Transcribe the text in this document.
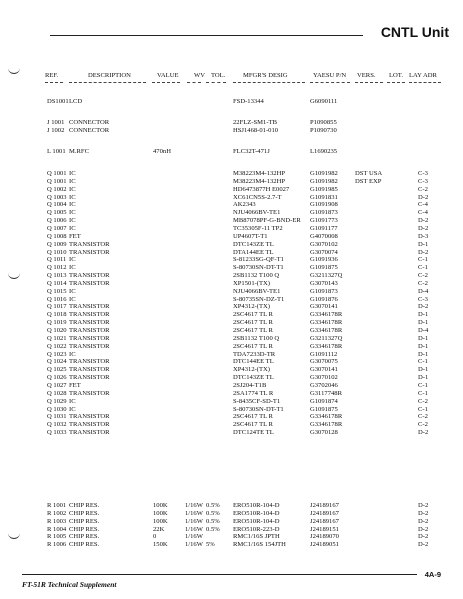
CNTL Unit
REF.	DESCRIPTION	VALUE WV TOL.	MFGR'S DESIG	YAESU P/N VERS. LOT. LAY ADR
DS1001 LCD	FSD-13344	G6090111
J 1001 CONNECTOR	22FLZ-SM1-TB	P1090855
J 1002 CONNECTOR	HSJ1468-01-010	P1090730
L 1001 M.RFC	470nH	FLC32T-471J	L1690235
Q 1001 IC	M38223M4-132HP	G1091982	DST USA	C-3
Q 1001 IC	M38223M4-132HP	G1091982	DST EXP	C-3
Q 1002 IC	HD6473877H E0027	G1091985	C-2
Q 1003 IC	XC61CN5S-2.7-T	G1091831	D-2
Q 1004 IC	AK2343	G1091908	C-4
Q 1005 IC	NJU4066BV-TE1	G1091873	C-4
Q 1006 IC	MB87078PF-G-BND-ER G1091773	D-2
Q 1007 IC	TC35305F-11 TP2	G1091177	D-2
Q 1008 FET	UP4607T-T1	G4070008	D-3
Q 1009 TRANSISTOR	DTC143ZE TL	G3070102	D-1
Q 1010 TRANSISTOR	DTA144EE TL	G3070074	D-2
Q 1011 IC	S-81233SG-QF-T1	G1091936	C-1
Q 1012 IC	S-80730SN-DT-T1	G1091875	C-1
Q 1013 TRANSISTOR	2SB1132 T100 Q	G3211327Q	C-2
Q 1014 TRANSISTOR	XP1501-(TX)	G3070143	C-2
Q 1015 IC	NJU4066BV-TE1	G1091873	D-4
Q 1016 IC	S-80735SN-DZ-T1	G1091876	C-3
Q 1017 TRANSISTOR	XP4312-(TX)	G3070141	D-2
Q 1018 TRANSISTOR	2SC4617 TL R	G3346178R	D-1
Q 1019 TRANSISTOR	2SC4617 TL R	G3346178R	D-1
Q 1020 TRANSISTOR	2SC4617 TL R	G3346178R	D-4
Q 1021 TRANSISTOR	2SB1132 T100 Q	G3211327Q	D-1
Q 1022 TRANSISTOR	2SC4617 TL R	G3346178R	D-1
Q 1023 IC	TDA7233D-TR	G1091112	D-1
Q 1024 TRANSISTOR	DTC144EE TL	G3070075	C-1
Q 1025 TRANSISTOR	XP4312-(TX)	G3070141	D-1
Q 1026 TRANSISTOR	DTC143ZE TL	G3070102	D-1
Q 1027 FET	2SJ204-T1B	G3702046	C-1
Q 1028 TRANSISTOR	2SA1774 TL R	G3117748R	C-1
Q 1029 IC	S-8435CF-SD-T1	G1091874	C-2
Q 1030 IC	S-80730SN-DT-T1	G1091875	C-1
Q 1031 TRANSISTOR	2SC4617 TL R	G3346178R	C-2
Q 1032 TRANSISTOR	2SC4617 TL R	G3346178R	C-2
Q 1033 TRANSISTOR	DTC124TE TL	G3070128	D-2
R 1001 CHIP RES.	100K	1/16W 0.5% ERO510R-104-D	J24189167	D-2
R 1002 CHIP RES.	100K	1/16W 0.5% ERO510R-104-D	J24189167	D-2
R 1003 CHIP RES.	100K	1/16W 0.5% ERO510R-104-D	J24189167	D-2
R 1004 CHIP RES.	22K	1/16W 0.5% ERO510R-223-D	J24189151	D-2
R 1005 CHIP RES.	0	1/16W	RMC1/16S JPTH	J24189070	D-2
R 1006 CHIP RES.	150K	1/16W 5%	RMC1/16S 154JTH	J24189051	D-2
FT-51R Technical Supplement
4A-9
